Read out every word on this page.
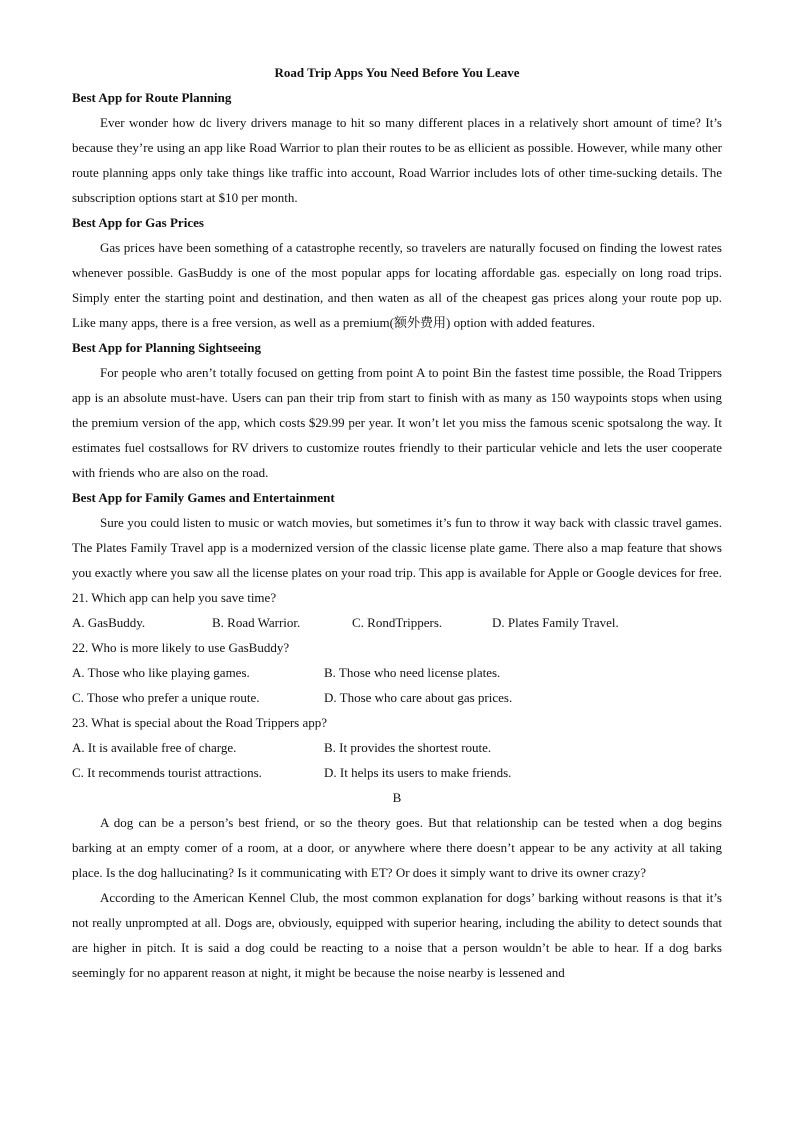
Road Trip Apps You Need Before You Leave

Best App for Route Planning

Ever wonder how dc livery drivers manage to hit so many different places in a relatively short amount of time? It’s because they’re using an app like Road Warrior to plan their routes to be as ellicient as possible. However, while many other route planning apps only take things like traffic into account, Road Warrior includes lots of other time-sucking details. The subscription options start at $10 per month.

Best App for Gas Prices

Gas prices have been something of a catastrophe recently, so travelers are naturally focused on finding the lowest rates whenever possible. GasBuddy is one of the most popular apps for locating affordable gas. especially on long road trips. Simply enter the starting point and destination, and then waten as all of the cheapest gas prices along your route pop up. Like many apps, there is a free version, as well as a premium(额外费用) option with added features.

Best App for Planning Sightseeing

For people who aren’t totally focused on getting from point A to point Bin the fastest time possible, the Road Trippers app is an absolute must-have. Users can pan their trip from start to finish with as many as 150 waypoints stops when using the premium version of the app, which costs $29.99 per year. It won’t let you miss the famous scenic spotsalong the way. It estimates fuel costsallows for RV drivers to customize routes friendly to their particular vehicle and lets the user cooperate with friends who are also on the road.

Best App for Family Games and Entertainment

Sure you could listen to music or watch movies, but sometimes it’s fun to throw it way back with classic travel games. The Plates Family Travel app is a modernized version of the classic license plate game. There also a map feature that shows you exactly where you saw all the license plates on your road trip. This app is available for Apple or Google devices for free.

21. Which app can help you save time?

A. GasBuddy.	B. Road Warrior.	C. RondTrippers.	D. Plates Family Travel.

22. Who is more likely to use GasBuddy?

A. Those who like playing games.	B. Those who need license plates.
C. Those who prefer a unique route.	D. Those who care about gas prices.

23. What is special about the Road Trippers app?

A. It is available free of charge.	B. It provides the shortest route.
C. It recommends tourist attractions.	D. It helps its users to make friends.

B

A dog can be a person’s best friend, or so the theory goes. But that relationship can be tested when a dog begins barking at an empty comer of a room, at a door, or anywhere where there doesn’t appear to be any activity at all taking place. Is the dog hallucinating? Is it communicating with ET? Or does it simply want to drive its owner crazy?

According to the American Kennel Club, the most common explanation for dogs’ barking without reasons is that it’s not really unprompted at all. Dogs are, obviously, equipped with superior hearing, including the ability to detect sounds that are higher in pitch. It is said a dog could be reacting to a noise that a person wouldn’t be able to hear. If a dog barks seemingly for no apparent reason at night, it might be because the noise nearby is lessened and
